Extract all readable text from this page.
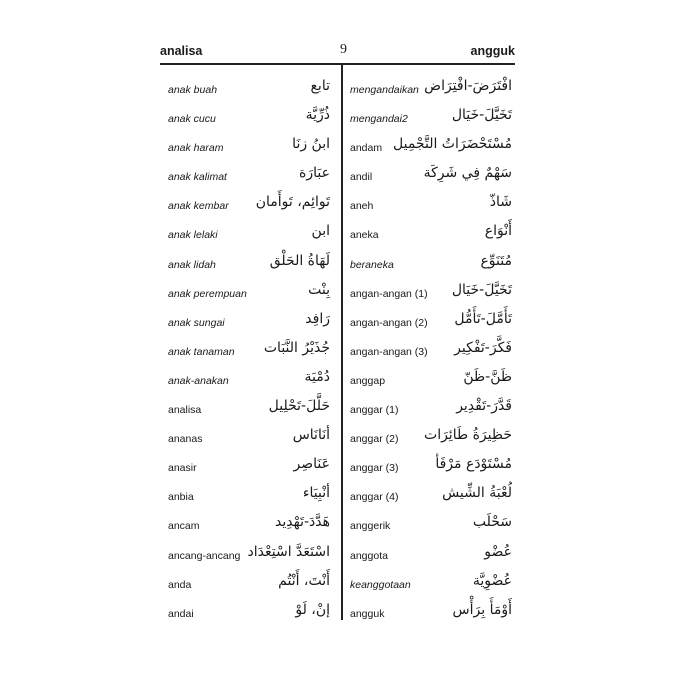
analisa	9	angguk
anak buah	تابع
anak cucu	ذُرِّيَّة
anak haram	ابنُ زنَا
anak kalimat	عبَارَة
anak kembar تَوائِم، تَوأَمان
anak lelaki	ابن
anak lidah	لَهَاةُ الحَلْق
anak perempuan	بِنْت
anak sungai	رَافِد
anak tanaman جُذَيْرُ النَّبَات
anak-anakan	دُمْيَة
analisa	حَلَّلَ-تَحْلِيل
ananas	أنَانَاس
anasir	عَنَاصِر
anbia	أنْبِيَاء
ancam	هَدَّدَ-تَهْدِيد
ancang-ancang اسْتَعَدَّ اسْتِعْدَاد
anda	أَنْتَ، أَنْتُم
andai	إنْ، لَوْ
mengandaikan افْتَرَضَ-افْتِرَاض
mengandai2	تَخَيَّلَ-خَيَال
andam مُسْتَحْضَرَاتُ التَّجْمِيل
andil	سَهْمٌ فِي شَرِكَة
aneh	شَاذّ
aneka	أَنْوَاع
beraneka	مُتَنَوِّع
angan-angan (1) تَخَيَّلَ-خَيَال
angan-angan (2) تَأَمَّلَ-تَأَمُّل
angan-angan (3) فَكَّرَ-تَفْكِير
anggap	ظَنَّ-ظَنّ
anggar (1)	قَدَّرَ-تَقْدِير
anggar (2) حَظِيرَةُ طَائِرَات
anggar (3)	مُسْتَوْدَع مَرْفَأ
anggar (4)	لُعْبَةُ الشِّيش
anggerik	سَحْلَب
anggota	عُضْو
keanggotaan	عُضْوِيَّة
angguk	أَوْمَأَ بِرَأْس
